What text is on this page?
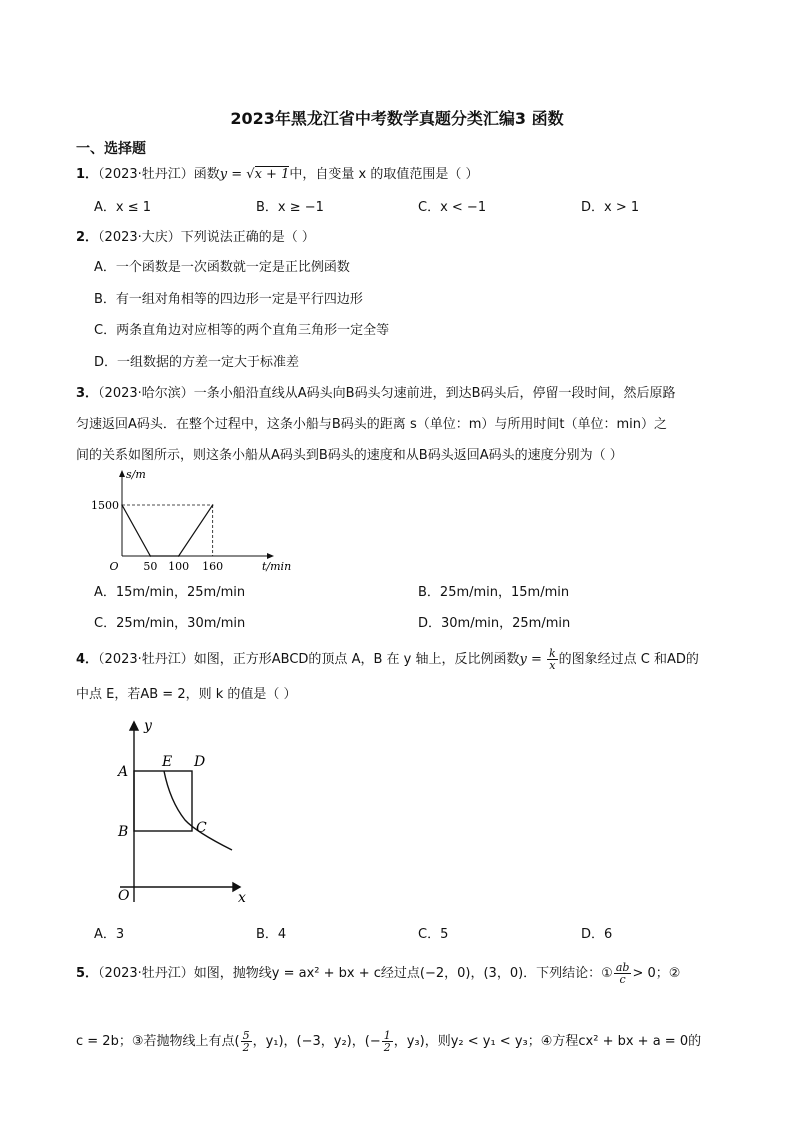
2023年黑龙江省中考数学真题分类汇编3 函数
一、选择题
1．（2023·牡丹江）函数y = √x + 1中，自变量 x 的取值范围是（ ）
A．x ≤ 1	B．x ≥ −1	C．x < −1	D．x > 1
2．（2023·大庆）下列说法正确的是（ ）
A．一个函数是一次函数就一定是正比例函数
B．有一组对角相等的四边形一定是平行四边形
C．两条直角边对应相等的两个直角三角形一定全等
D．一组数据的方差一定大于标准差
3．（2023·哈尔滨）一条小船沿直线从A码头向B码头匀速前进，到达B码头后，停留一段时间，然后原路
匀速返回A码头．在整个过程中，这条小船与B码头的距离 s（单位：m）与所用时间t（单位：min）之
间的关系如图所示，则这条小船从A码头到B码头的速度和从B码头返回A码头的速度分别为（ ）
O 50 100 160
1500
s/m
t/min
A．15m/min，25m/min	B．25m/min，15m/min
C．25m/min，30m/min	D．30m/min，25m/min
4．（2023·牡丹江）如图，正方形ABCD的顶点 A，B 在 y 轴上，反比例函数$y = \frac{k}{x}$ 的图象经过点 C 和AD的
中点 E，若AB = 2，则 k 的值是（ ）
y
x
A
B	C
D
E
O
A．3	B．4	C．5	D．6
5．（2023·牡丹江）如图，抛物线y = ax² + bx + c经过点(−2，0)，(3，0)．下列结论：① $\frac{ab}{c} > 0$；②
c = 2b；③若抛物线上有点( $\frac{5}{2}$ ，y₁)，(−3，y₂)，(− $\frac{1}{2}$ ，y₃)，则y₂ < y₁ < y₃；④方程cx² + bx + a = 0的
